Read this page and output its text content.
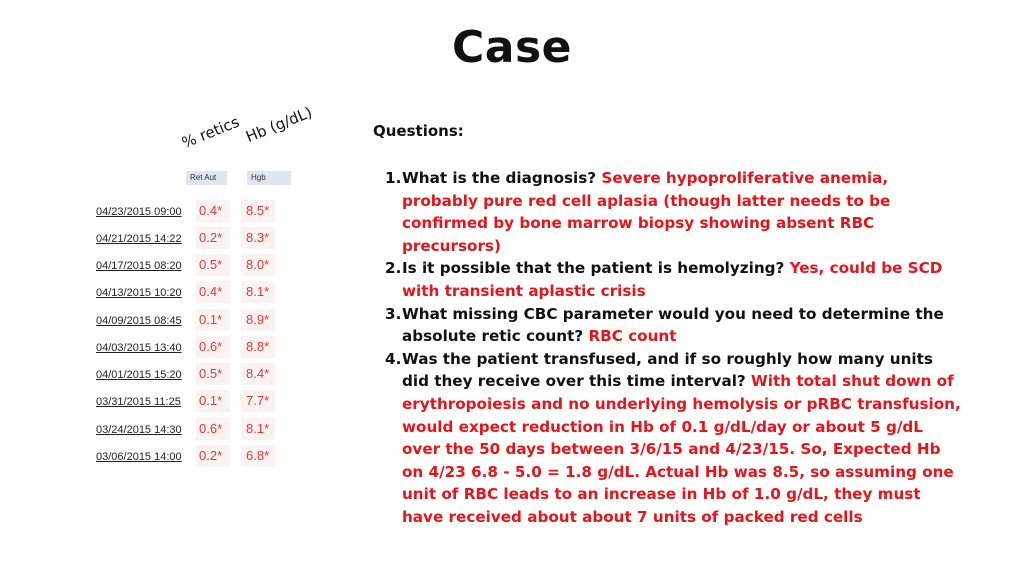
Case
% retics Hb (g/dL)
Ret Aut	Hgb
04/23/2015 09:00	0.4* 8.5*
04/21/2015 14:22	0.2* 8.3*
04/17/2015 08:20	0.5* 8.0*
04/13/2015 10:20	0.4* 8.1*
04/09/2015 08:45	0.1* 8.9*
04/03/2015 13:40	0.6* 8.8*
04/01/2015 15:20	0.5* 8.4*
03/31/2015 11:25	0.1* 7.7*
03/24/2015 14:30	0.6* 8.1*
03/06/2015 14:00	0.2* 6.8*
Questions:
1. What is the diagnosis? Severe hypoproliferative anemia, probably pure red cell aplasia (though latter needs to be confirmed by bone marrow biopsy showing absent RBC precursors)
2. Is it possible that the patient is hemolyzing? Yes, could be SCD with transient aplastic crisis
3. What missing CBC parameter would you need to determine the absolute retic count? RBC count
4. Was the patient transfused, and if so roughly how many units did they receive over this time interval? With total shut down of erythropoiesis and no underlying hemolysis or pRBC transfusion, would expect reduction in Hb of 0.1 g/dL/day or about 5 g/dL over the 50 days between 3/6/15 and 4/23/15. So, Expected Hb on 4/23 6.8 - 5.0 = 1.8 g/dL. Actual Hb was 8.5, so assuming one unit of RBC leads to an increase in Hb of 1.0 g/dL, they must have received about about 7 units of packed red cells
